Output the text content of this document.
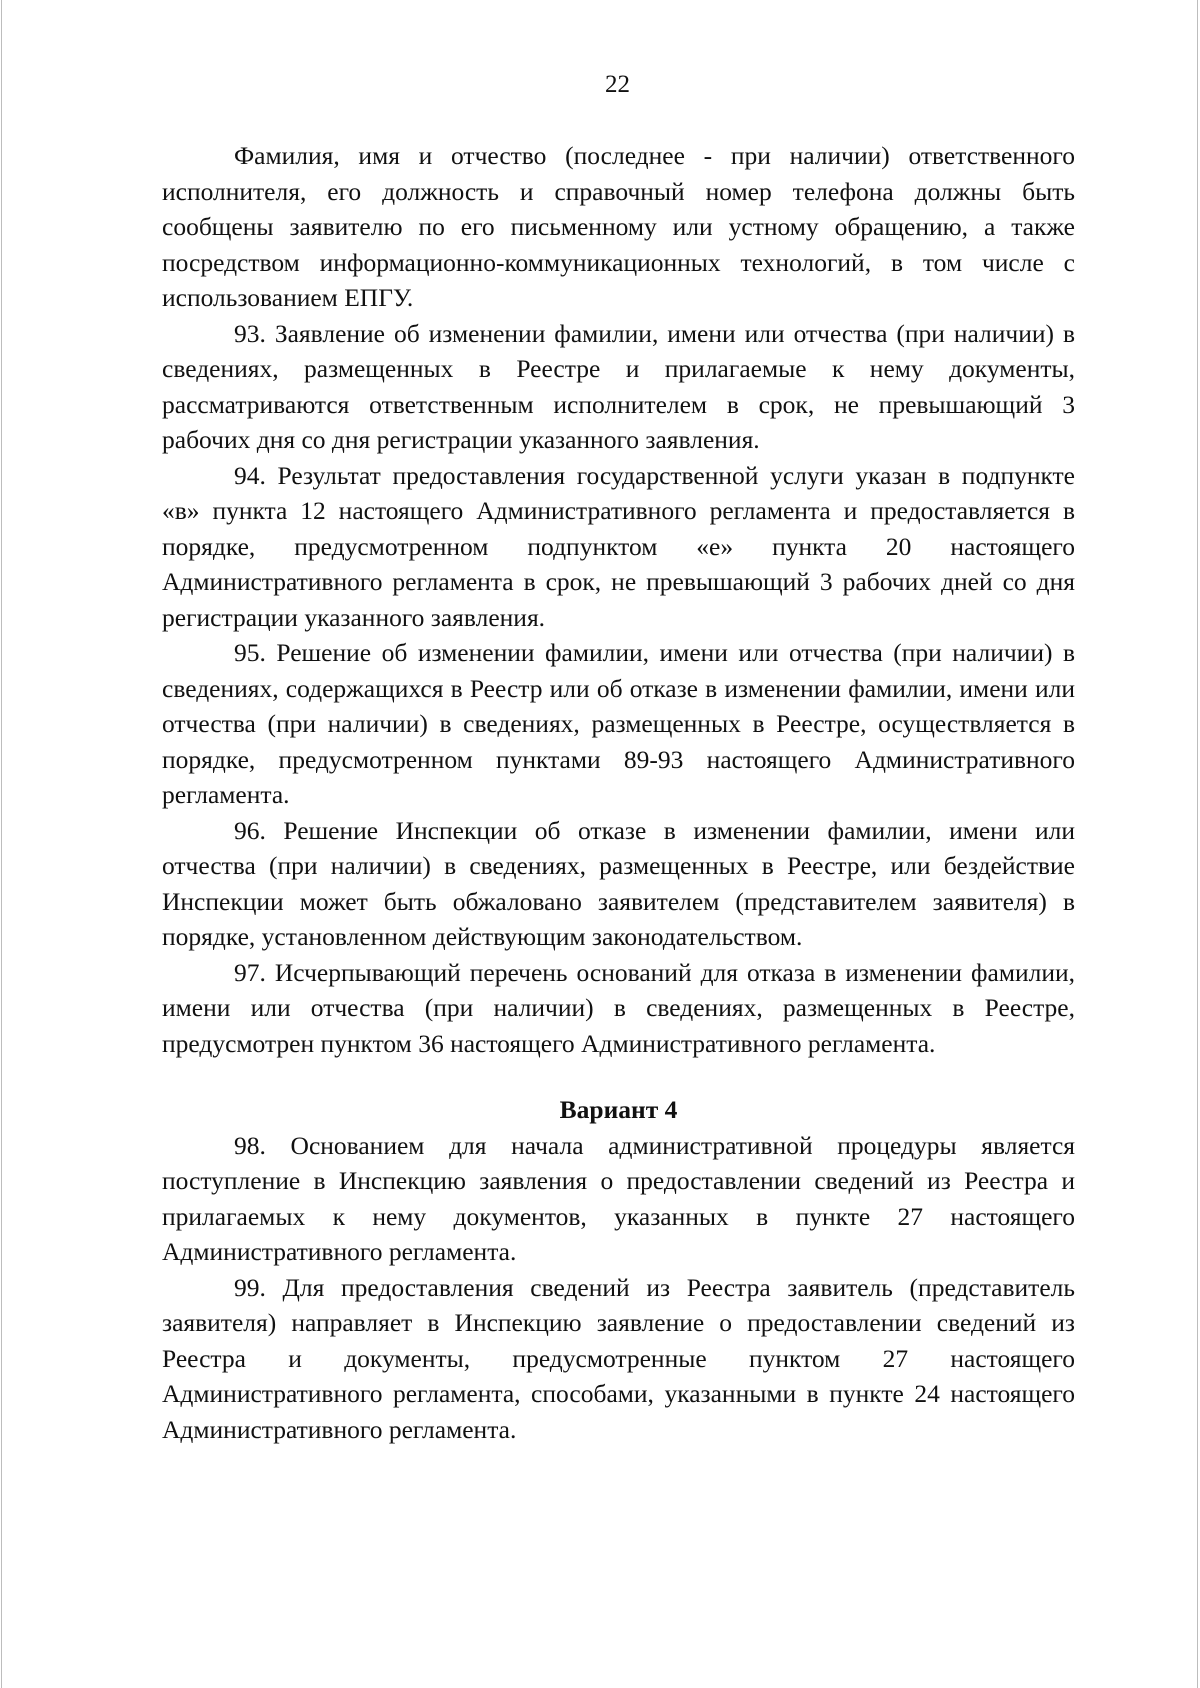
22

Фамилия, имя и отчество (последнее - при наличии) ответственного исполнителя, его должность и справочный номер телефона должны быть сообщены заявителю по его письменному или устному обращению, а также посредством информационно-коммуникационных технологий, в том числе с использованием ЕПГУ.

93. Заявление об изменении фамилии, имени или отчества (при наличии) в сведениях, размещенных в Реестре и прилагаемые к нему документы, рассматриваются ответственным исполнителем в срок, не превышающий 3 рабочих дня со дня регистрации указанного заявления.

94. Результат предоставления государственной услуги указан в подпункте «в» пункта 12 настоящего Административного регламента и предоставляется в порядке, предусмотренном подпунктом «е» пункта 20 настоящего Административного регламента в срок, не превышающий 3 рабочих дней со дня регистрации указанного заявления.

95. Решение об изменении фамилии, имени или отчества (при наличии) в сведениях, содержащихся в Реестр или об отказе в изменении фамилии, имени или отчества (при наличии) в сведениях, размещенных в Реестре, осуществляется в порядке, предусмотренном пунктами 89-93 настоящего Административного регламента.

96. Решение Инспекции об отказе в изменении фамилии, имени или отчества (при наличии) в сведениях, размещенных в Реестре, или бездействие Инспекции может быть обжаловано заявителем (представителем заявителя) в порядке, установленном действующим законодательством.

97. Исчерпывающий перечень оснований для отказа в изменении фамилии, имени или отчества (при наличии) в сведениях, размещенных в Реестре, предусмотрен пунктом 36 настоящего Административного регламента.

Вариант 4

98. Основанием для начала административной процедуры является поступление в Инспекцию заявления о предоставлении сведений из Реестра и прилагаемых к нему документов, указанных в пункте 27 настоящего Административного регламента.

99. Для предоставления сведений из Реестра заявитель (представитель заявителя) направляет в Инспекцию заявление о предоставлении сведений из Реестра и документы, предусмотренные пунктом 27 настоящего Административного регламента, способами, указанными в пункте 24 настоящего Административного регламента.
